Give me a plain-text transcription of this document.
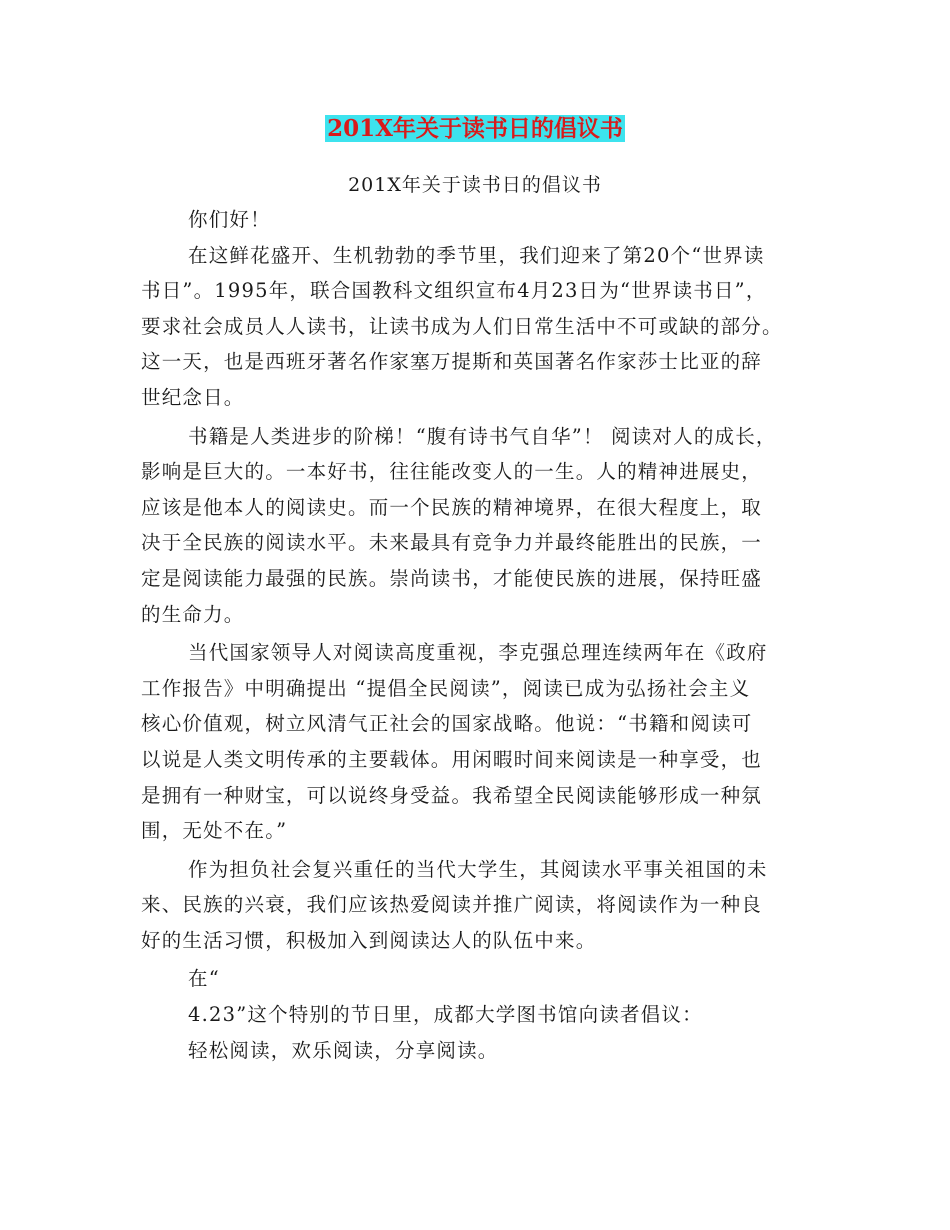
201X年关于读书日的倡议书
201X年关于读书日的倡议书
你们好！
在这鲜花盛开、生机勃勃的季节里，我们迎来了第20个“世界读
书日”。1995年，联合国教科文组织宣布4月23日为“世界读书日”，
要求社会成员人人读书，让读书成为人们日常生活中不可或缺的部分。
这一天，也是西班牙著名作家塞万提斯和英国著名作家莎士比亚的辞
世纪念日。
书籍是人类进步的阶梯！“腹有诗书气自华”！ 阅读对人的成长，
影响是巨大的。一本好书，往往能改变人的一生。人的精神进展史，
应该是他本人的阅读史。而一个民族的精神境界，在很大程度上，取
决于全民族的阅读水平。未来最具有竞争力并最终能胜出的民族，一
定是阅读能力最强的民族。崇尚读书，才能使民族的进展，保持旺盛
的生命力。
当代国家领导人对阅读高度重视，李克强总理连续两年在《政府
工作报告》中明确提出 “提倡全民阅读”，阅读已成为弘扬社会主义
核心价值观，树立风清气正社会的国家战略。他说：“书籍和阅读可
以说是人类文明传承的主要载体。用闲暇时间来阅读是一种享受，也
是拥有一种财宝，可以说终身受益。我希望全民阅读能够形成一种氛
围，无处不在。”
作为担负社会复兴重任的当代大学生，其阅读水平事关祖国的未
来、民族的兴衰，我们应该热爱阅读并推广阅读，将阅读作为一种良
好的生活习惯，积极加入到阅读达人的队伍中来。
在“
4.23”这个特别的节日里，成都大学图书馆向读者倡议：
轻松阅读，欢乐阅读，分享阅读。
